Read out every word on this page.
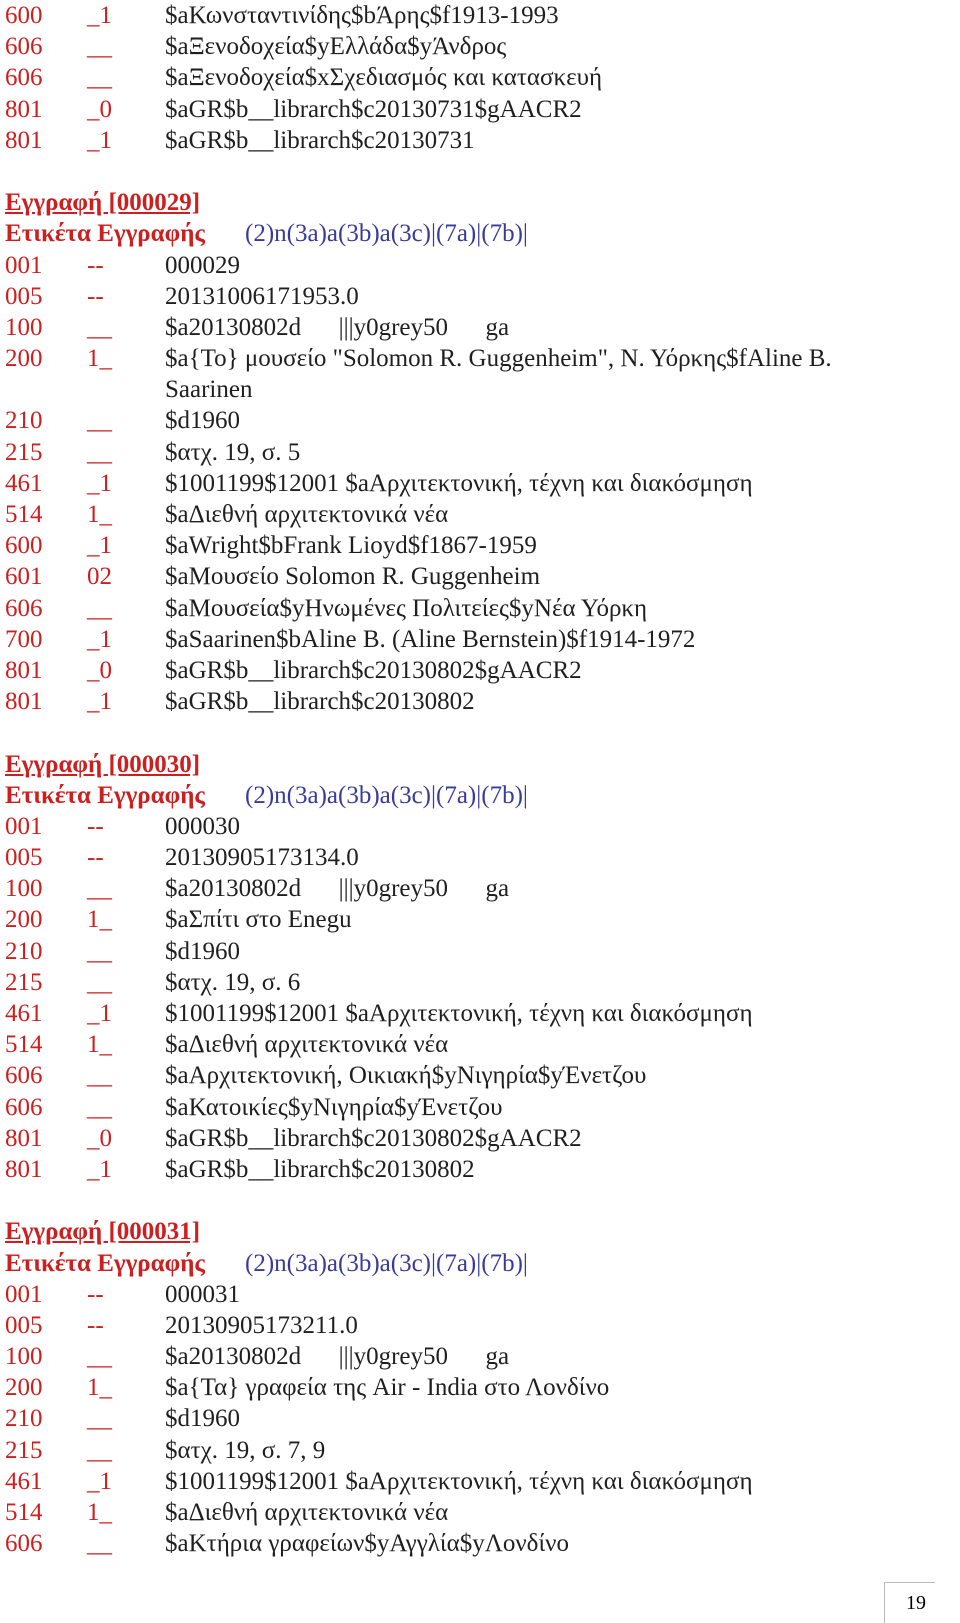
600	_1	$aΚωνσταντινίδης$bΆρης$f1913-1993
606	__	$aΞενοδοχεία$yΕλλάδα$yΆνδρος
606	__	$aΞενοδοχεία$xΣχεδιασμός και κατασκευή
801	_0	$aGR$b__librarch$c20130731$gAACR2
801	_1	$aGR$b__librarch$c20130731
Εγγραφή [000029]
Ετικέτα Εγγραφής (2)n(3a)a(3b)a(3c)|(7a)|(7b)|
001	--	000029
005	--	20131006171953.0
100	__	$a20130802d      |||y0grey50      ga
200	1_	$a{Το} μουσείο "Solomon R. Guggenheim", Ν. Υόρκης$fAline B.
Saarinen
210	__	$d1960
215	__	$ατχ. 19, σ. 5
461	_1	$1001199$12001 $aΑρχιτεκτονική, τέχνη και διακόσμηση
514	1_	$aΔιεθνή αρχιτεκτονικά νέα
600	_1	$aWright$bFrank Lioyd$f1867-1959
601	02	$aΜουσείο Solomon R. Guggenheim
606	__	$aΜουσεία$yΗνωμένες Πολιτείες$yΝέα Υόρκη
700	_1	$aSaarinen$bAline B. (Aline Bernstein)$f1914-1972
801	_0	$aGR$b__librarch$c20130802$gAACR2
801	_1	$aGR$b__librarch$c20130802
Εγγραφή [000030]
Ετικέτα Εγγραφής (2)n(3a)a(3b)a(3c)|(7a)|(7b)|
001	--	000030
005	--	20130905173134.0
100	__	$a20130802d      |||y0grey50      ga
200	1_	$aΣπίτι στο Enegu
210	__	$d1960
215	__	$ατχ. 19, σ. 6
461	_1	$1001199$12001 $aΑρχιτεκτονική, τέχνη και διακόσμηση
514	1_	$aΔιεθνή αρχιτεκτονικά νέα
606	__	$aΑρχιτεκτονική, Οικιακή$yΝιγηρία$yΈνετζου
606	__	$aΚατοικίες$yΝιγηρία$yΈνετζου
801	_0	$aGR$b__librarch$c20130802$gAACR2
801	_1	$aGR$b__librarch$c20130802
Εγγραφή [000031]
Ετικέτα Εγγραφής (2)n(3a)a(3b)a(3c)|(7a)|(7b)|
001	--	000031
005	--	20130905173211.0
100	__	$a20130802d      |||y0grey50      ga
200	1_	$a{Τα} γραφεία της Air - India στο Λονδίνο
210	__	$d1960
215	__	$ατχ. 19, σ. 7, 9
461	_1	$1001199$12001 $aΑρχιτεκτονική, τέχνη και διακόσμηση
514	1_	$aΔιεθνή αρχιτεκτονικά νέα
606	__	$aΚτήρια γραφείων$yΑγγλία$yΛονδίνο
19
